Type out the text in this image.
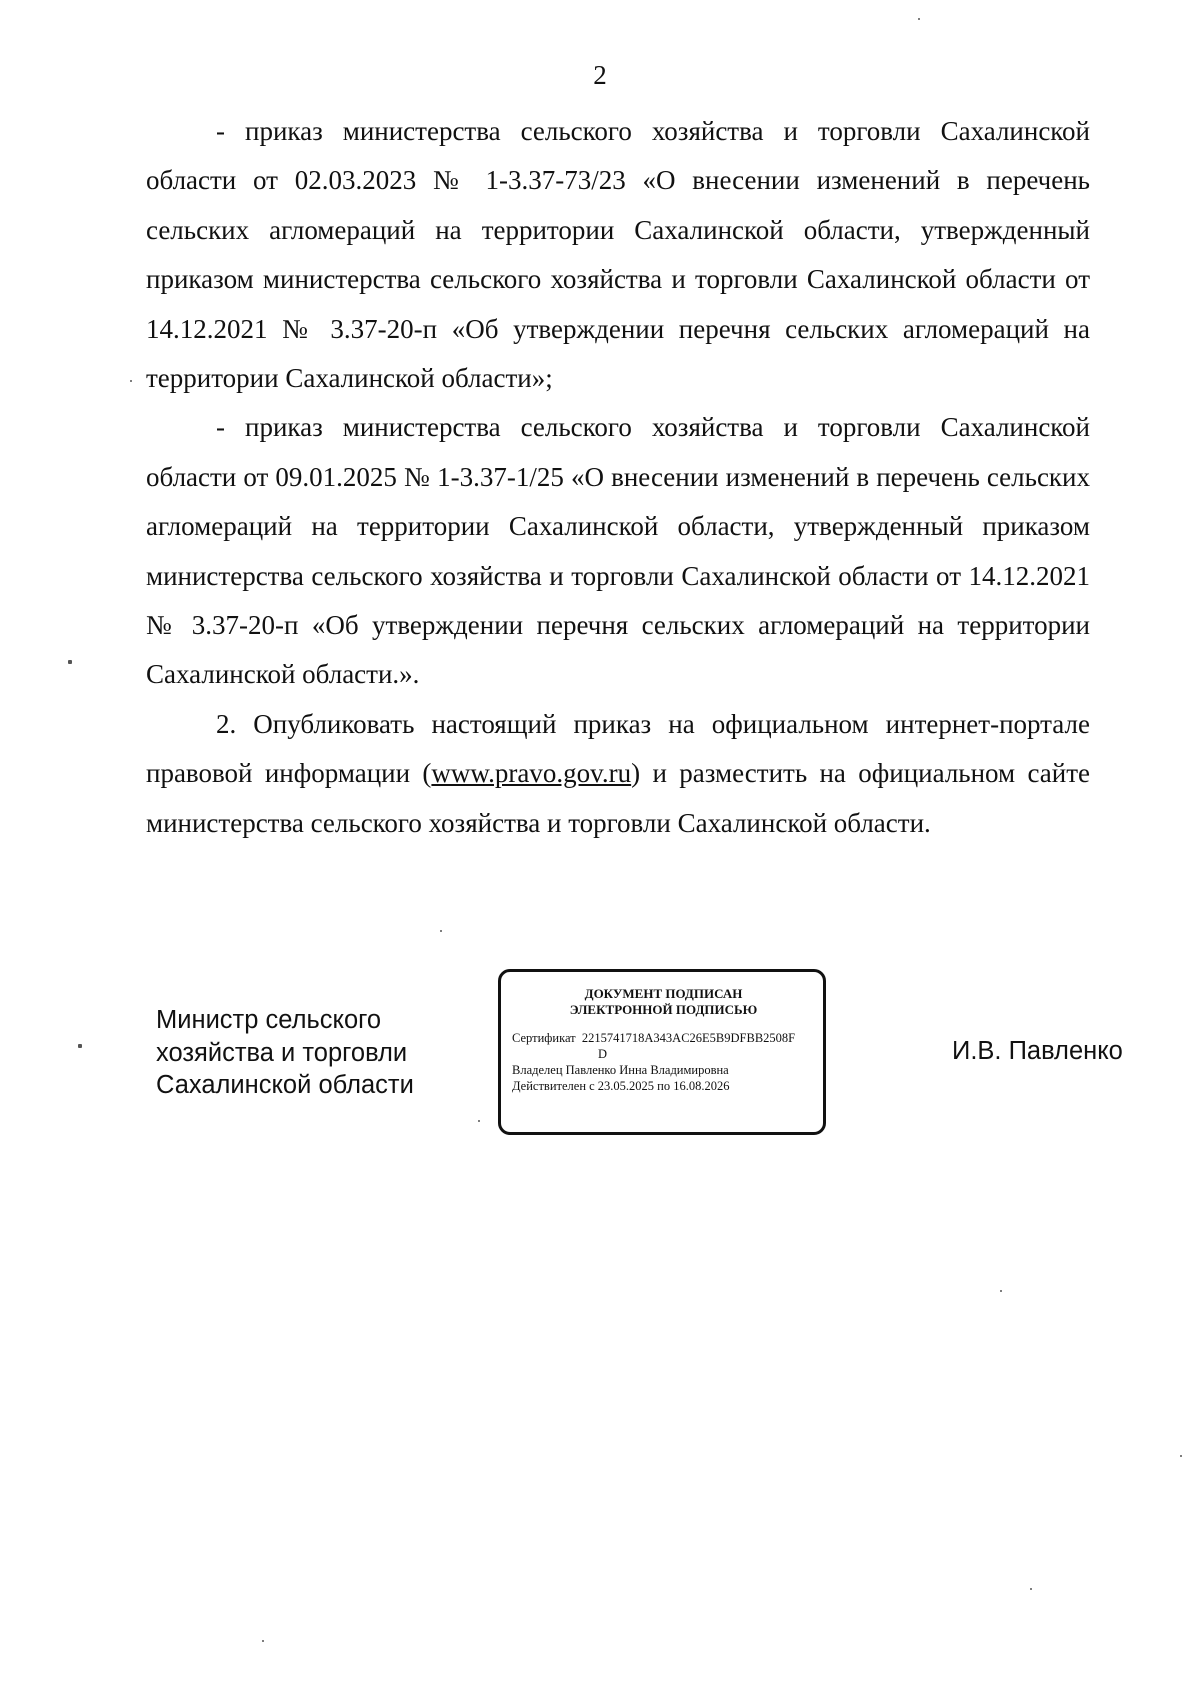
2

- приказ министерства сельского хозяйства и торговли Сахалинской области от 02.03.2023 № 1-3.37-73/23 «О внесении изменений в перечень сельских агломераций на территории Сахалинской области, утвержденный приказом министерства сельского хозяйства и торговли Сахалинской области от 14.12.2021 № 3.37-20-п «Об утверждении перечня сельских агломераций на территории Сахалинской области»;

- приказ министерства сельского хозяйства и торговли Сахалинской области от 09.01.2025 № 1-3.37-1/25 «О внесении изменений в перечень сельских агломераций на территории Сахалинской области, утвержденный приказом министерства сельского хозяйства и торговли Сахалинской области от 14.12.2021 № 3.37-20-п «Об утверждении перечня сельских агломераций на территории Сахалинской области.».

2. Опубликовать настоящий приказ на официальном интернет-портале правовой информации (www.pravo.gov.ru) и разместить на официальном сайте министерства сельского хозяйства и торговли Сахалинской области.

Министр сельского
хозяйства и торговли
Сахалинской области
ДОКУМЕНТ ПОДПИСАН
ЭЛЕКТРОННОЙ ПОДПИСЬЮ
Сертификат 2215741718A343AC26E5B9DFBB2508F
D
Владелец Павленко Инна Владимировна
Действителен с 23.05.2025 по 16.08.2026
И.В. Павленко
